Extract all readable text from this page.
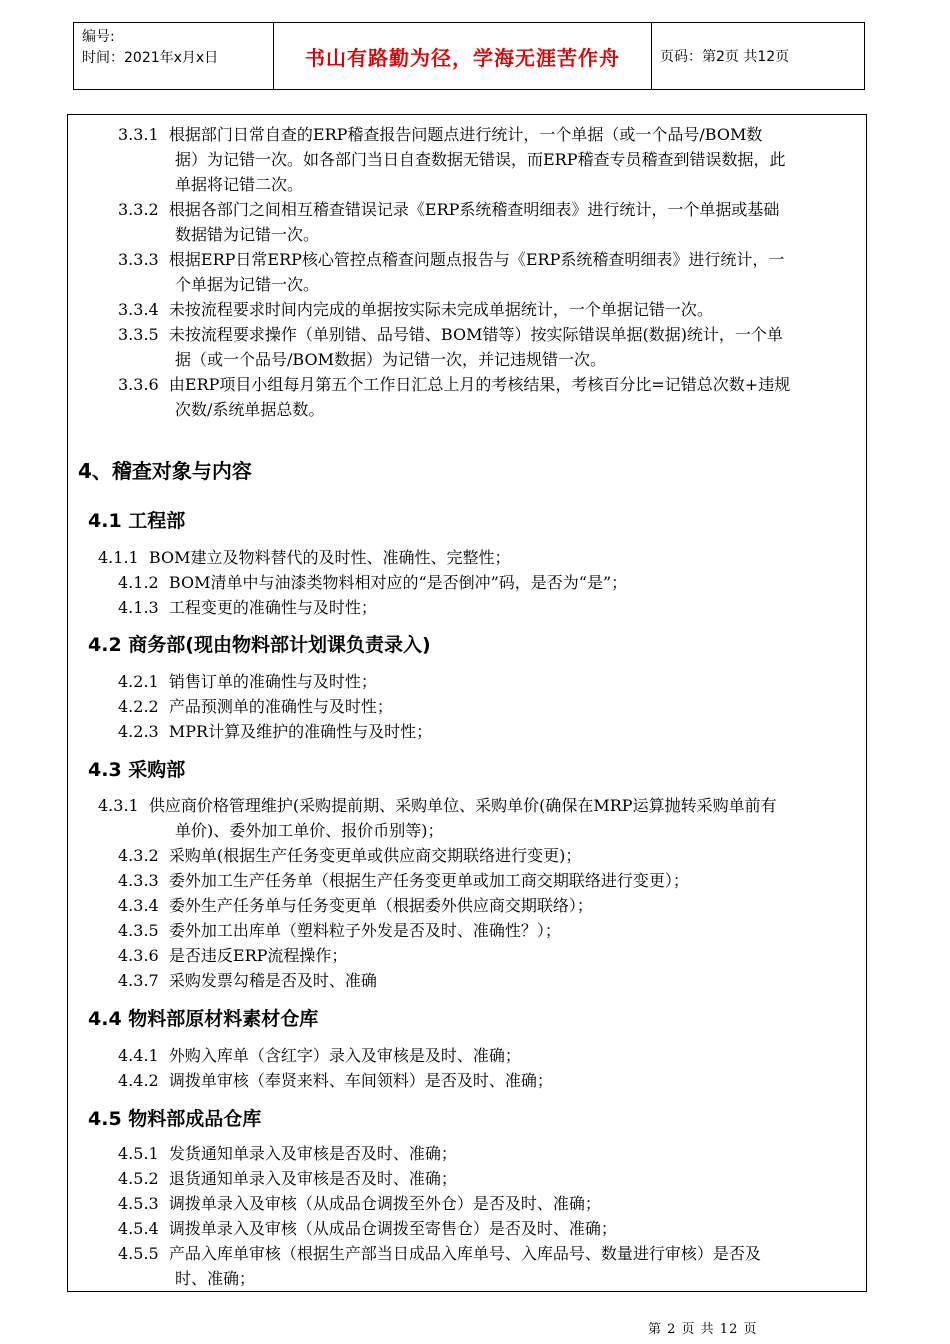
编号:
时间：2021年x月x日	书山有路勤为径，学海无涯苦作舟	页码：第2页 共12页
3.3.1 根据部门日常自查的ERP稽查报告问题点进行统计，一个单据（或一个品号/BOM数
据）为记错一次。如各部门当日自查数据无错误，而ERP稽查专员稽查到错误数据，此
单据将记错二次。
3.3.2 根据各部门之间相互稽查错误记录《ERP系统稽查明细表》进行统计，一个单据或基础
数据错为记错一次。
3.3.3 根据ERP日常ERP核心管控点稽查问题点报告与《ERP系统稽查明细表》进行统计，一
个单据为记错一次。
3.3.4 未按流程要求时间内完成的单据按实际未完成单据统计，一个单据记错一次。
3.3.5 未按流程要求操作（单别错、品号错、BOM错等）按实际错误单据(数据)统计，一个单
据（或一个品号/BOM数据）为记错一次，并记违规错一次。
3.3.6 由ERP项目小组每月第五个工作日汇总上月的考核结果，考核百分比=记错总次数+违规
次数/系统单据总数。
4、稽查对象与内容
4.1 工程部
4.1.1 BOM建立及物料替代的及时性、准确性、完整性；
4.1.2 BOM清单中与油漆类物料相对应的“是否倒冲”码，是否为“是”；
4.1.3 工程变更的准确性与及时性；
4.2 商务部(现由物料部计划课负责录入)
4.2.1 销售订单的准确性与及时性；
4.2.2 产品预测单的准确性与及时性；
4.2.3 MPR计算及维护的准确性与及时性；
4.3 采购部
4.3.1 供应商价格管理维护(采购提前期、采购单位、采购单价(确保在MRP运算抛转采购单前有
单价)、委外加工单价、报价币别等)；
4.3.2 采购单(根据生产任务变更单或供应商交期联络进行变更)；
4.3.3 委外加工生产任务单（根据生产任务变更单或加工商交期联络进行变更）；
4.3.4 委外生产任务单与任务变更单（根据委外供应商交期联络）；
4.3.5 委外加工出库单（塑料粒子外发是否及时、准确性？）；
4.3.6 是否违反ERP流程操作；
4.3.7 采购发票勾稽是否及时、准确
4.4 物料部原材料素材仓库
4.4.1 外购入库单（含红字）录入及审核是及时、准确；
4.4.2 调拨单审核（奉贤来料、车间领料）是否及时、准确；
4.5 物料部成品仓库
4.5.1 发货通知单录入及审核是否及时、准确；
4.5.2 退货通知单录入及审核是否及时、准确；
4.5.3 调拨单录入及审核（从成品仓调拨至外仓）是否及时、准确；
4.5.4 调拨单录入及审核（从成品仓调拨至寄售仓）是否及时、准确；
4.5.5 产品入库单审核（根据生产部当日成品入库单号、入库品号、数量进行审核）是否及
时、准确；
第 2 页 共 12 页
